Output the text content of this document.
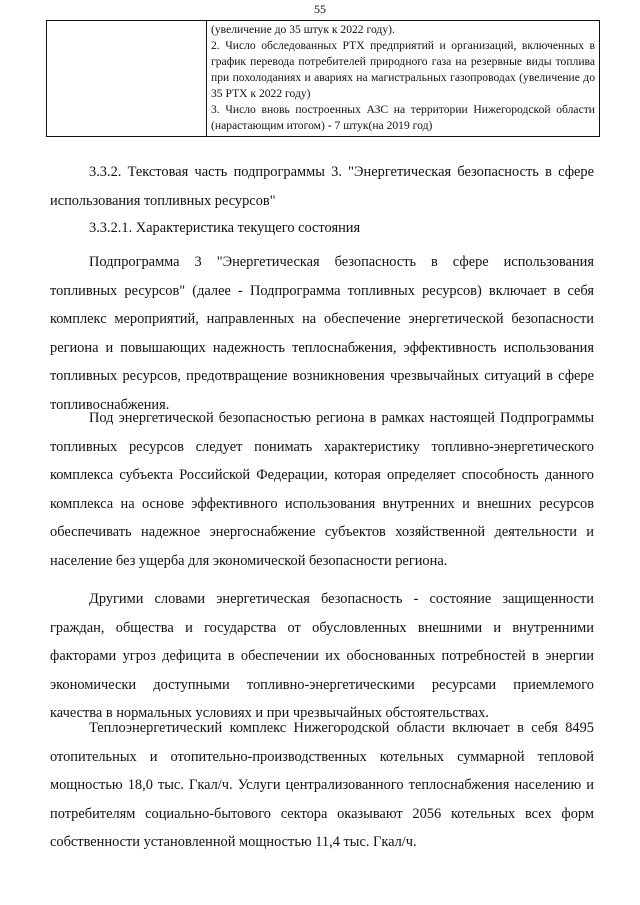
55

(увеличение до 35 штук к 2022 году).

2. Число обследованных РТХ предприятий и организаций, включенных в график перевода потребителей природного газа на резервные виды топлива при похолоданиях и авариях на магистральных газопроводах (увеличение до 35 РТХ к 2022 году)

3. Число вновь построенных АЗС на территории Нижегородской области (нарастающим итогом) - 7 штук(на 2019 год)

3.3.2. Текстовая часть подпрограммы 3. "Энергетическая безопасность в сфере использования топливных ресурсов"

3.3.2.1. Характеристика текущего состояния

Подпрограмма 3 "Энергетическая безопасность в сфере использования топливных ресурсов" (далее - Подпрограмма топливных ресурсов) включает в себя комплекс мероприятий, направленных на обеспечение энергетической безопасности региона и повышающих надежность теплоснабжения, эффективность использования топливных ресурсов, предотвращение возникновения чрезвычайных ситуаций в сфере топливоснабжения.

Под энергетической безопасностью региона в рамках настоящей Подпрограммы топливных ресурсов следует понимать характеристику топливно-энергетического комплекса субъекта Российской Федерации, которая определяет способность данного комплекса на основе эффективного использования внутренних и внешних ресурсов обеспечивать надежное энергоснабжение субъектов хозяйственной деятельности и население без ущерба для экономической безопасности региона.

Другими словами энергетическая безопасность - состояние защищенности граждан, общества и государства от обусловленных внешними и внутренними факторами угроз дефицита в обеспечении их обоснованных потребностей в энергии экономически доступными топливно-энергетическими ресурсами приемлемого качества в нормальных условиях и при чрезвычайных обстоятельствах.

Теплоэнергетический комплекс Нижегородской области включает в себя 8495 отопительных и отопительно-производственных котельных суммарной тепловой мощностью 18,0 тыс. Гкал/ч. Услуги централизованного теплоснабжения населению и потребителям социально-бытового сектора оказывают 2056 котельных всех форм собственности установленной мощностью 11,4 тыс. Гкал/ч.
